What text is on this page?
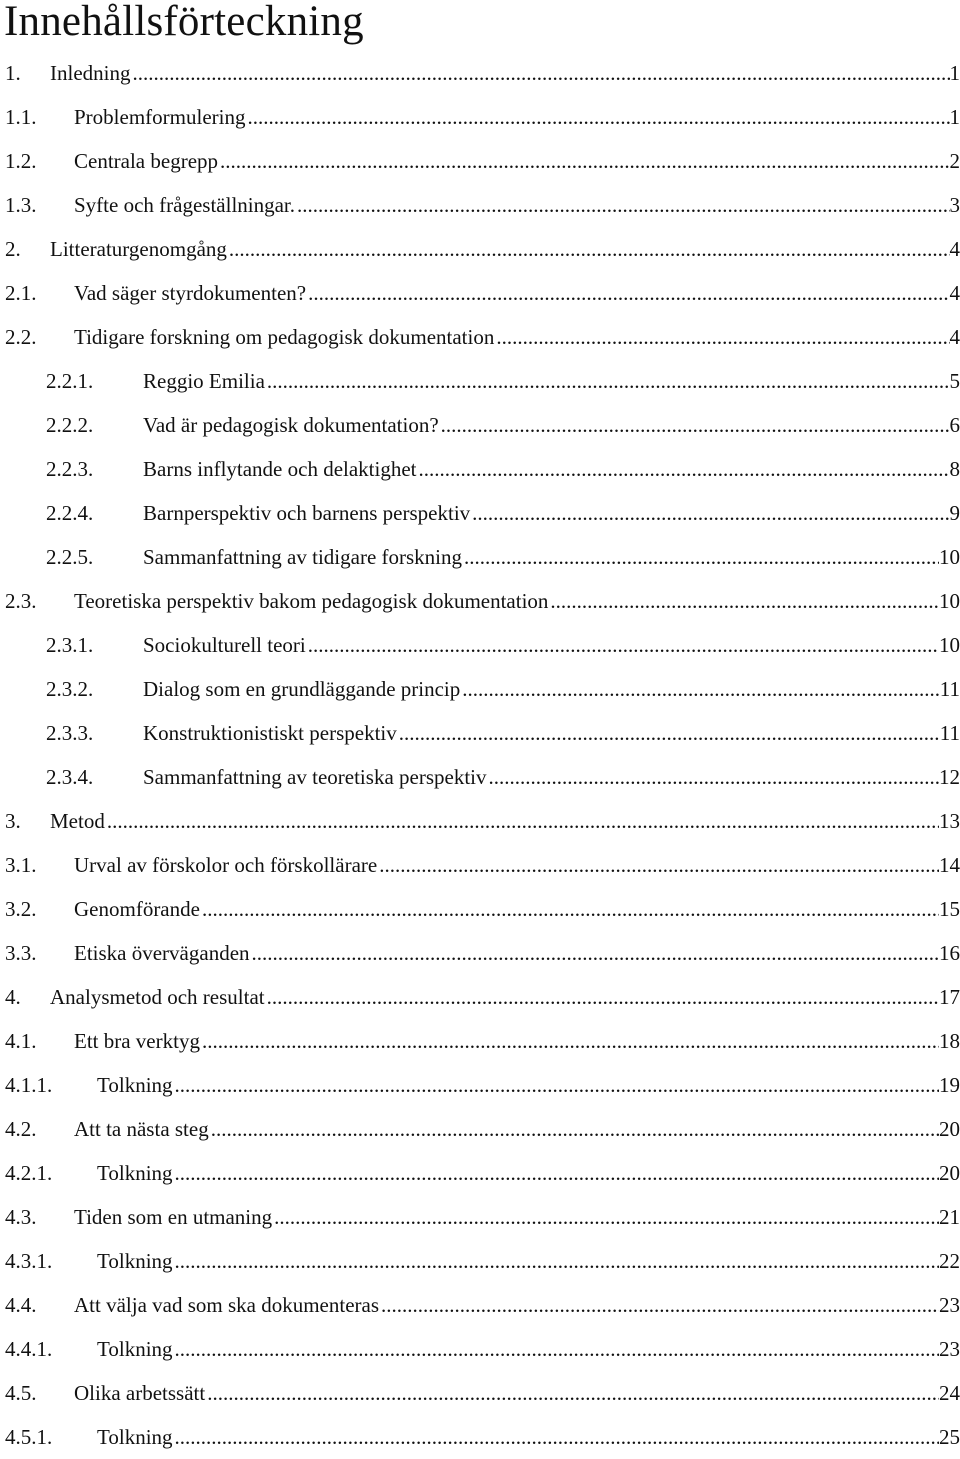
Innehållsförteckning
1.	Inledning .....	1
1.1.	Problemformulering .....	1
1.2.	Centrala begrepp .....	2
1.3.	Syfte och frågeställningar. .....	3
2.	Litteraturgenomgång .....	4
2.1.	Vad säger styrdokumenten? .....	4
2.2.	Tidigare forskning om pedagogisk dokumentation .....	4
2.2.1.	Reggio Emilia .....	5
2.2.2.	Vad är pedagogisk dokumentation? .....	6
2.2.3.	Barns inflytande och delaktighet .....	8
2.2.4.	Barnperspektiv och barnens perspektiv .....	9
2.2.5.	Sammanfattning av tidigare forskning .....	10
2.3.	Teoretiska perspektiv bakom pedagogisk dokumentation .....	10
2.3.1.	Sociokulturell teori .....	10
2.3.2.	Dialog som en grundläggande princip .....	11
2.3.3.	Konstruktionistiskt perspektiv .....	11
2.3.4.	Sammanfattning av teoretiska perspektiv .....	12
3.	Metod .....	13
3.1.	Urval av förskolor och förskollärare .....	14
3.2.	Genomförande .....	15
3.3.	Etiska överväganden .....	16
4.	Analysmetod och resultat .....	17
4.1.	Ett bra verktyg .....	18
4.1.1.	Tolkning .....	19
4.2.	Att ta nästa steg .....	20
4.2.1.	Tolkning .....	20
4.3.	Tiden som en utmaning .....	21
4.3.1.	Tolkning .....	22
4.4.	Att välja vad som ska dokumenteras .....	23
4.4.1.	Tolkning .....	23
4.5.	Olika arbetssätt .....	24
4.5.1.	Tolkning .....	25
